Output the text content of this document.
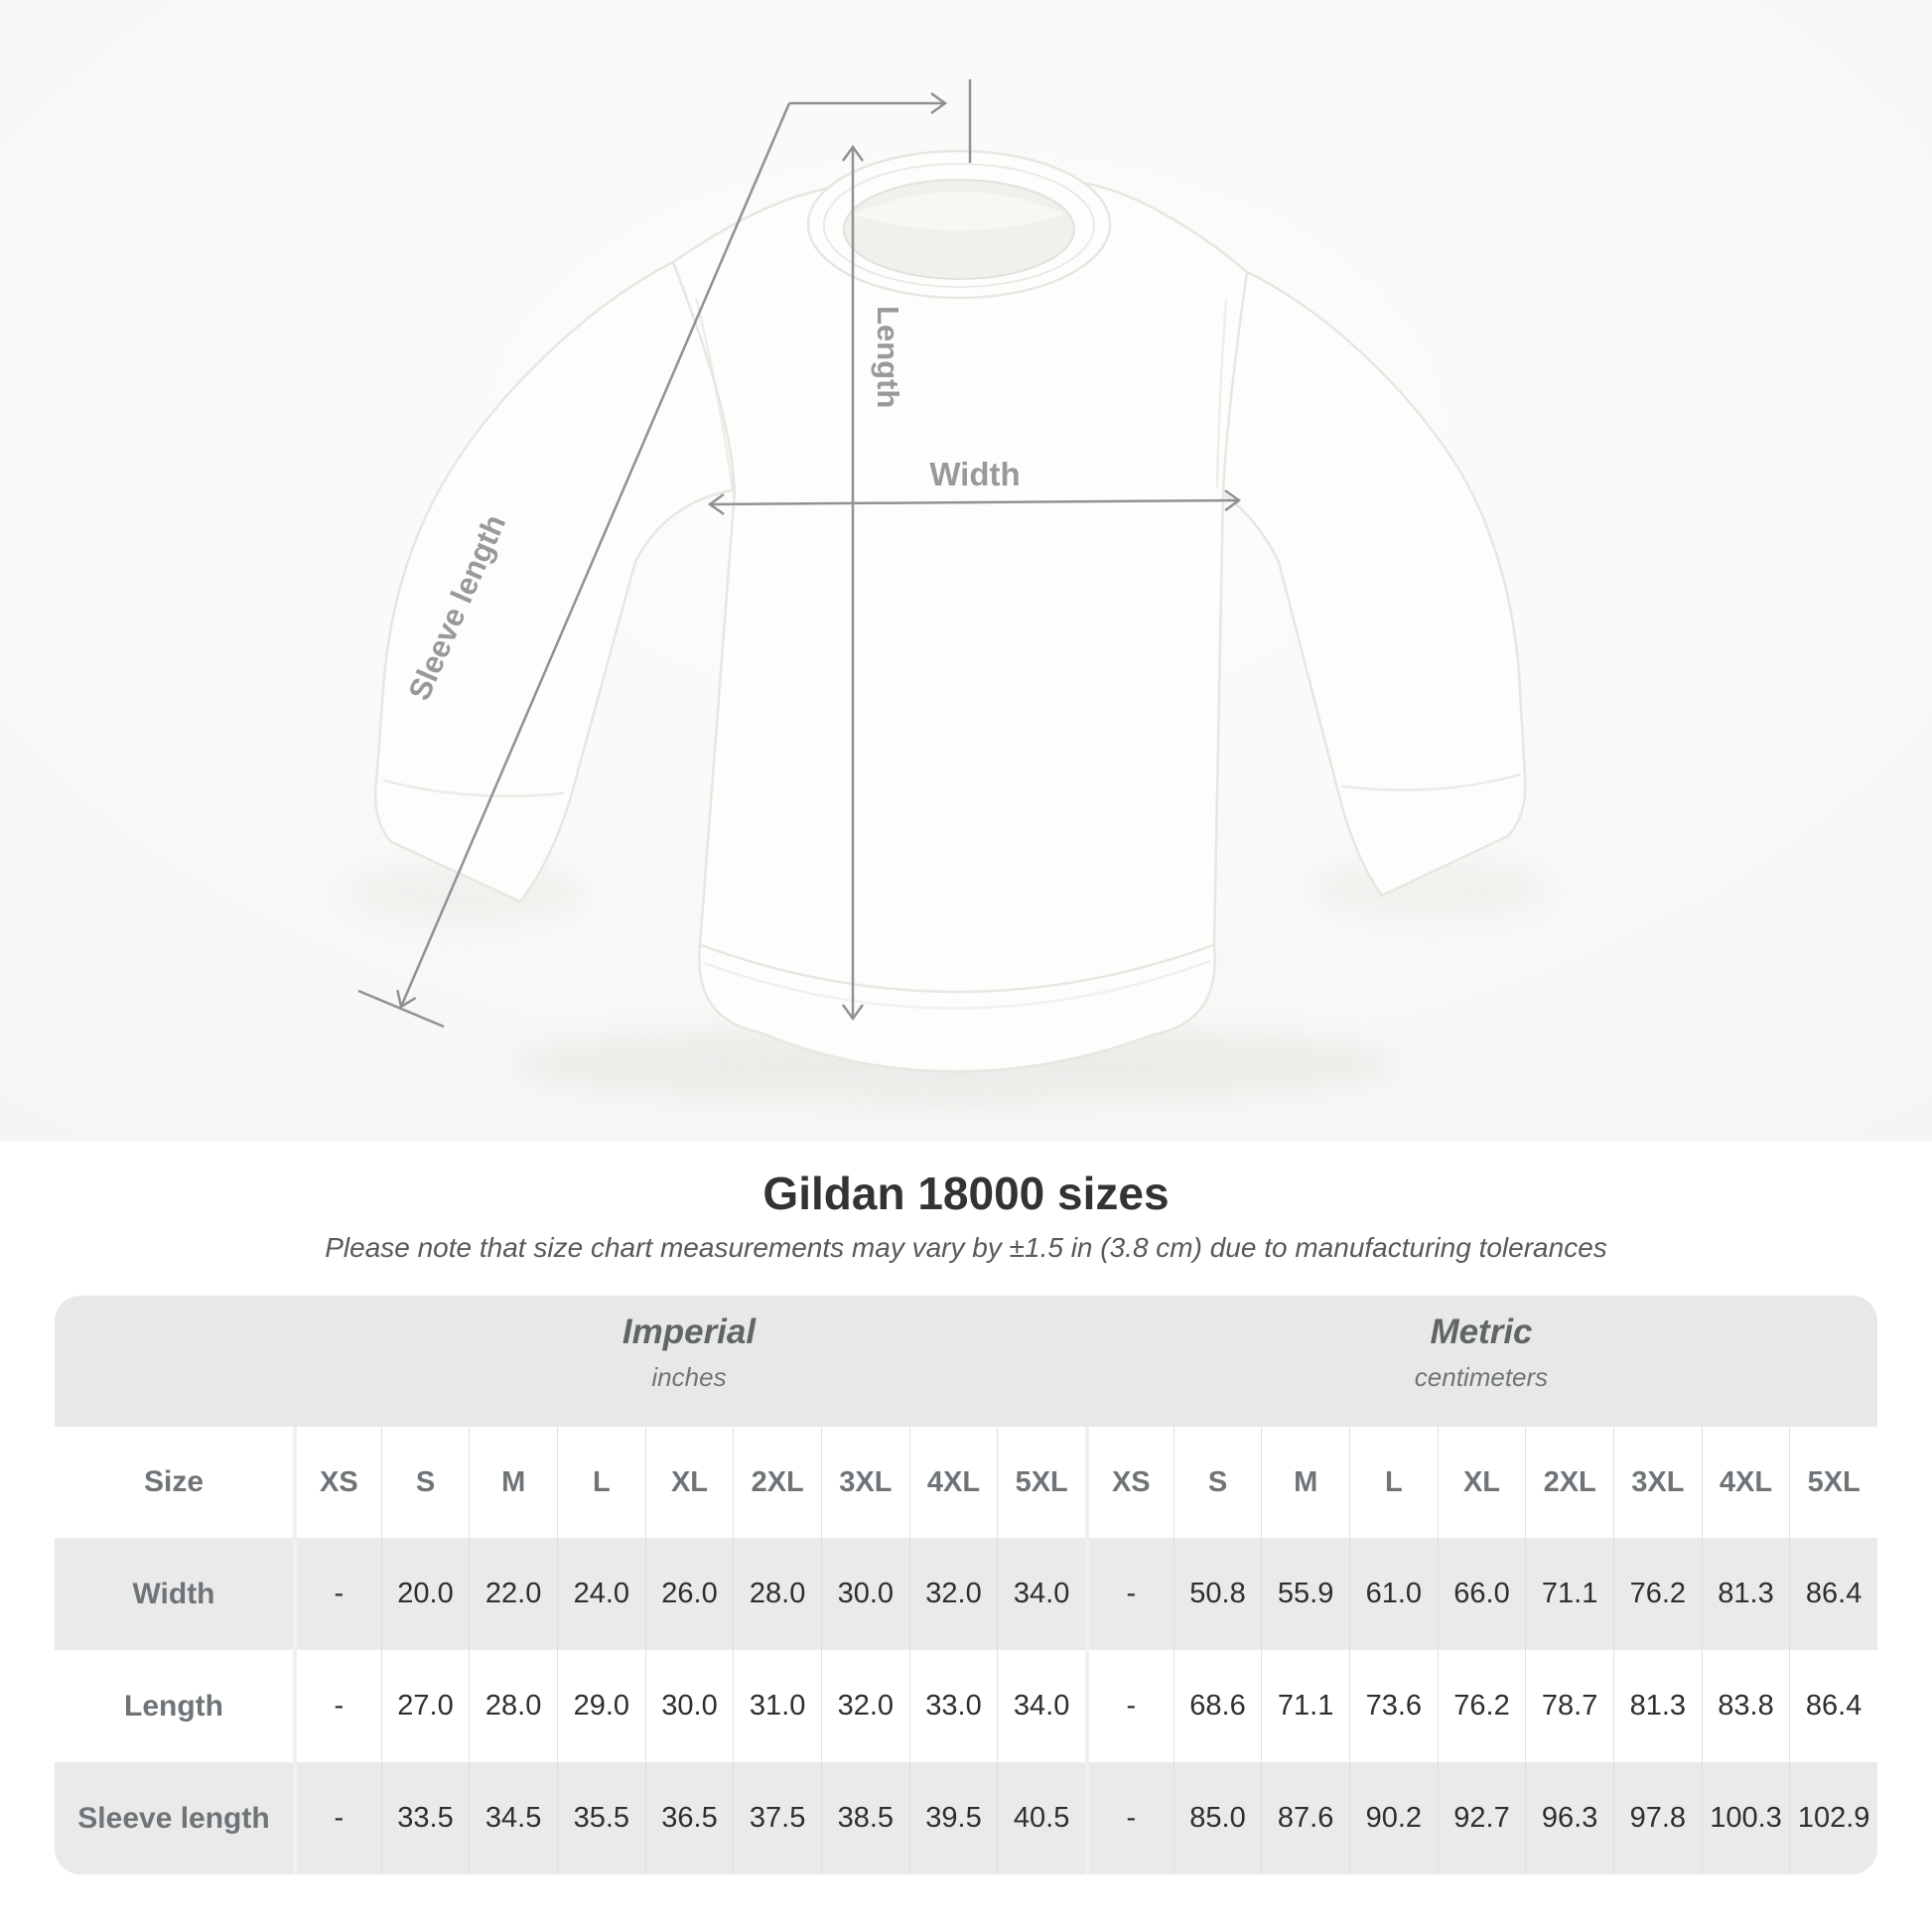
Length
Width
Sleeve length
Gildan 18000 sizes
Please note that size chart measurements may vary by ±1.5 in (3.8 cm) due to manufacturing tolerances
Imperial
inches
Metric
centimeters
Size	XS	S	M	L	XL	2XL	3XL	4XL	5XL	XS	S	M	L	XL	2XL	3XL	4XL	5XL
Width	-	20.0	22.0	24.0	26.0	28.0	30.0	32.0	34.0	-	50.8	55.9	61.0	66.0	71.1	76.2	81.3	86.4
Length	-	27.0	28.0	29.0	30.0	31.0	32.0	33.0	34.0	-	68.6	71.1	73.6	76.2	78.7	81.3	83.8	86.4
Sleeve length	-	33.5	34.5	35.5	36.5	37.5	38.5	39.5	40.5	-	85.0	87.6	90.2	92.7	96.3	97.8 100.3 102.9
